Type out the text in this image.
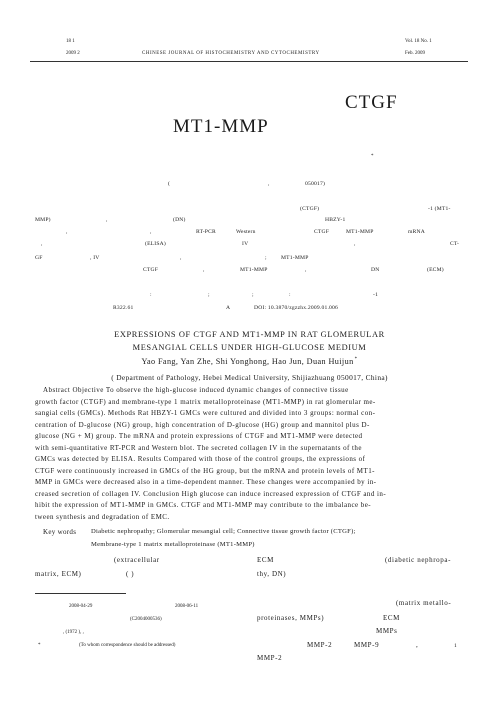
18 1
2009 2	CHINESE JOURNAL OF HISTOCHEMISTRY AND CYTOCHEMISTRY
Vol. 18 No. 1
Feb. 2009
CTGF
MT1-MMP
*
(	,	050017)
(CTGF)	-1 (MT1-
MMP)	,	(DN)	HBZY-1
,	,	RT-PCR	Western	CTGF	MT1-MMP	mRNA
,	(ELISA)	IV	,	CT-
GF	, IV	,	;	MT1-MMP
CTGF	,	MT1-MMP	,	DN	(ECM)
:	;	;	:	-1
R322.61	A	DOI: 10.3870/zgzzhx.2009.01.006
EXPRESSIONS OF CTGF AND MT1-MMP IN RAT GLOMERULAR
MESANGIAL CELLS UNDER HIGH-GLUCOSE MEDIUM
Yao Fang, Yan Zhe, Shi Yonghong, Hao Jun, Duan Huijun*
( Department of Pathology, Hebei Medical University, Shijiazhuang 050017, China)
Abstract Objective To observe the high-glucose induced dynamic changes of connective tissue
growth factor (CTGF) and membrane-type 1 matrix metalloproteinase (MT1-MMP) in rat glomerular me-
sangial cells (GMCs). Methods Rat HBZY-1 GMCs were cultured and divided into 3 groups: normal con-
centration of D-glucose (NG) group, high concentration of D-glucose (HG) group and mannitol plus D-
glucose (NG + M) group. The mRNA and protein expressions of CTGF and MT1-MMP were detected
with semi-quantitative RT-PCR and Western blot. The secreted collagen IV in the supernatants of the
GMCs was detected by ELISA. Results Compared with those of the control groups, the expressions of
CTGF were continuously increased in GMCs of the HG group, but the mRNA and protein levels of MT1-
MMP in GMCs were decreased also in a time-dependent manner. These changes were accompanied by in-
creased secretion of collagen IV. Conclusion High glucose can induce increased expression of CTGF and in-
hibit the expression of MT1-MMP in GMCs. CTGF and MT1-MMP may contribute to the imbalance be-
tween synthesis and degradation of EMC.
Key words Diabetic nephropathy; Glomerular mesangial cell; Connective tissue growth factor (CTGF);
Membrane-type 1 matrix metalloproteinase (MT1-MMP)
(extracellular
matrix, ECM)	( )
ECM	(diabetic nephropa-
thy, DN)
(matrix metallo-
proteinases, MMPs)	ECM
MMPs
MMP-2	MMP-9	,
MMP-2
2008-04-29	2008-06-11
(C2004000536)
, (1972 ), ,
*	(To whom correspondence should be addressed)	1
